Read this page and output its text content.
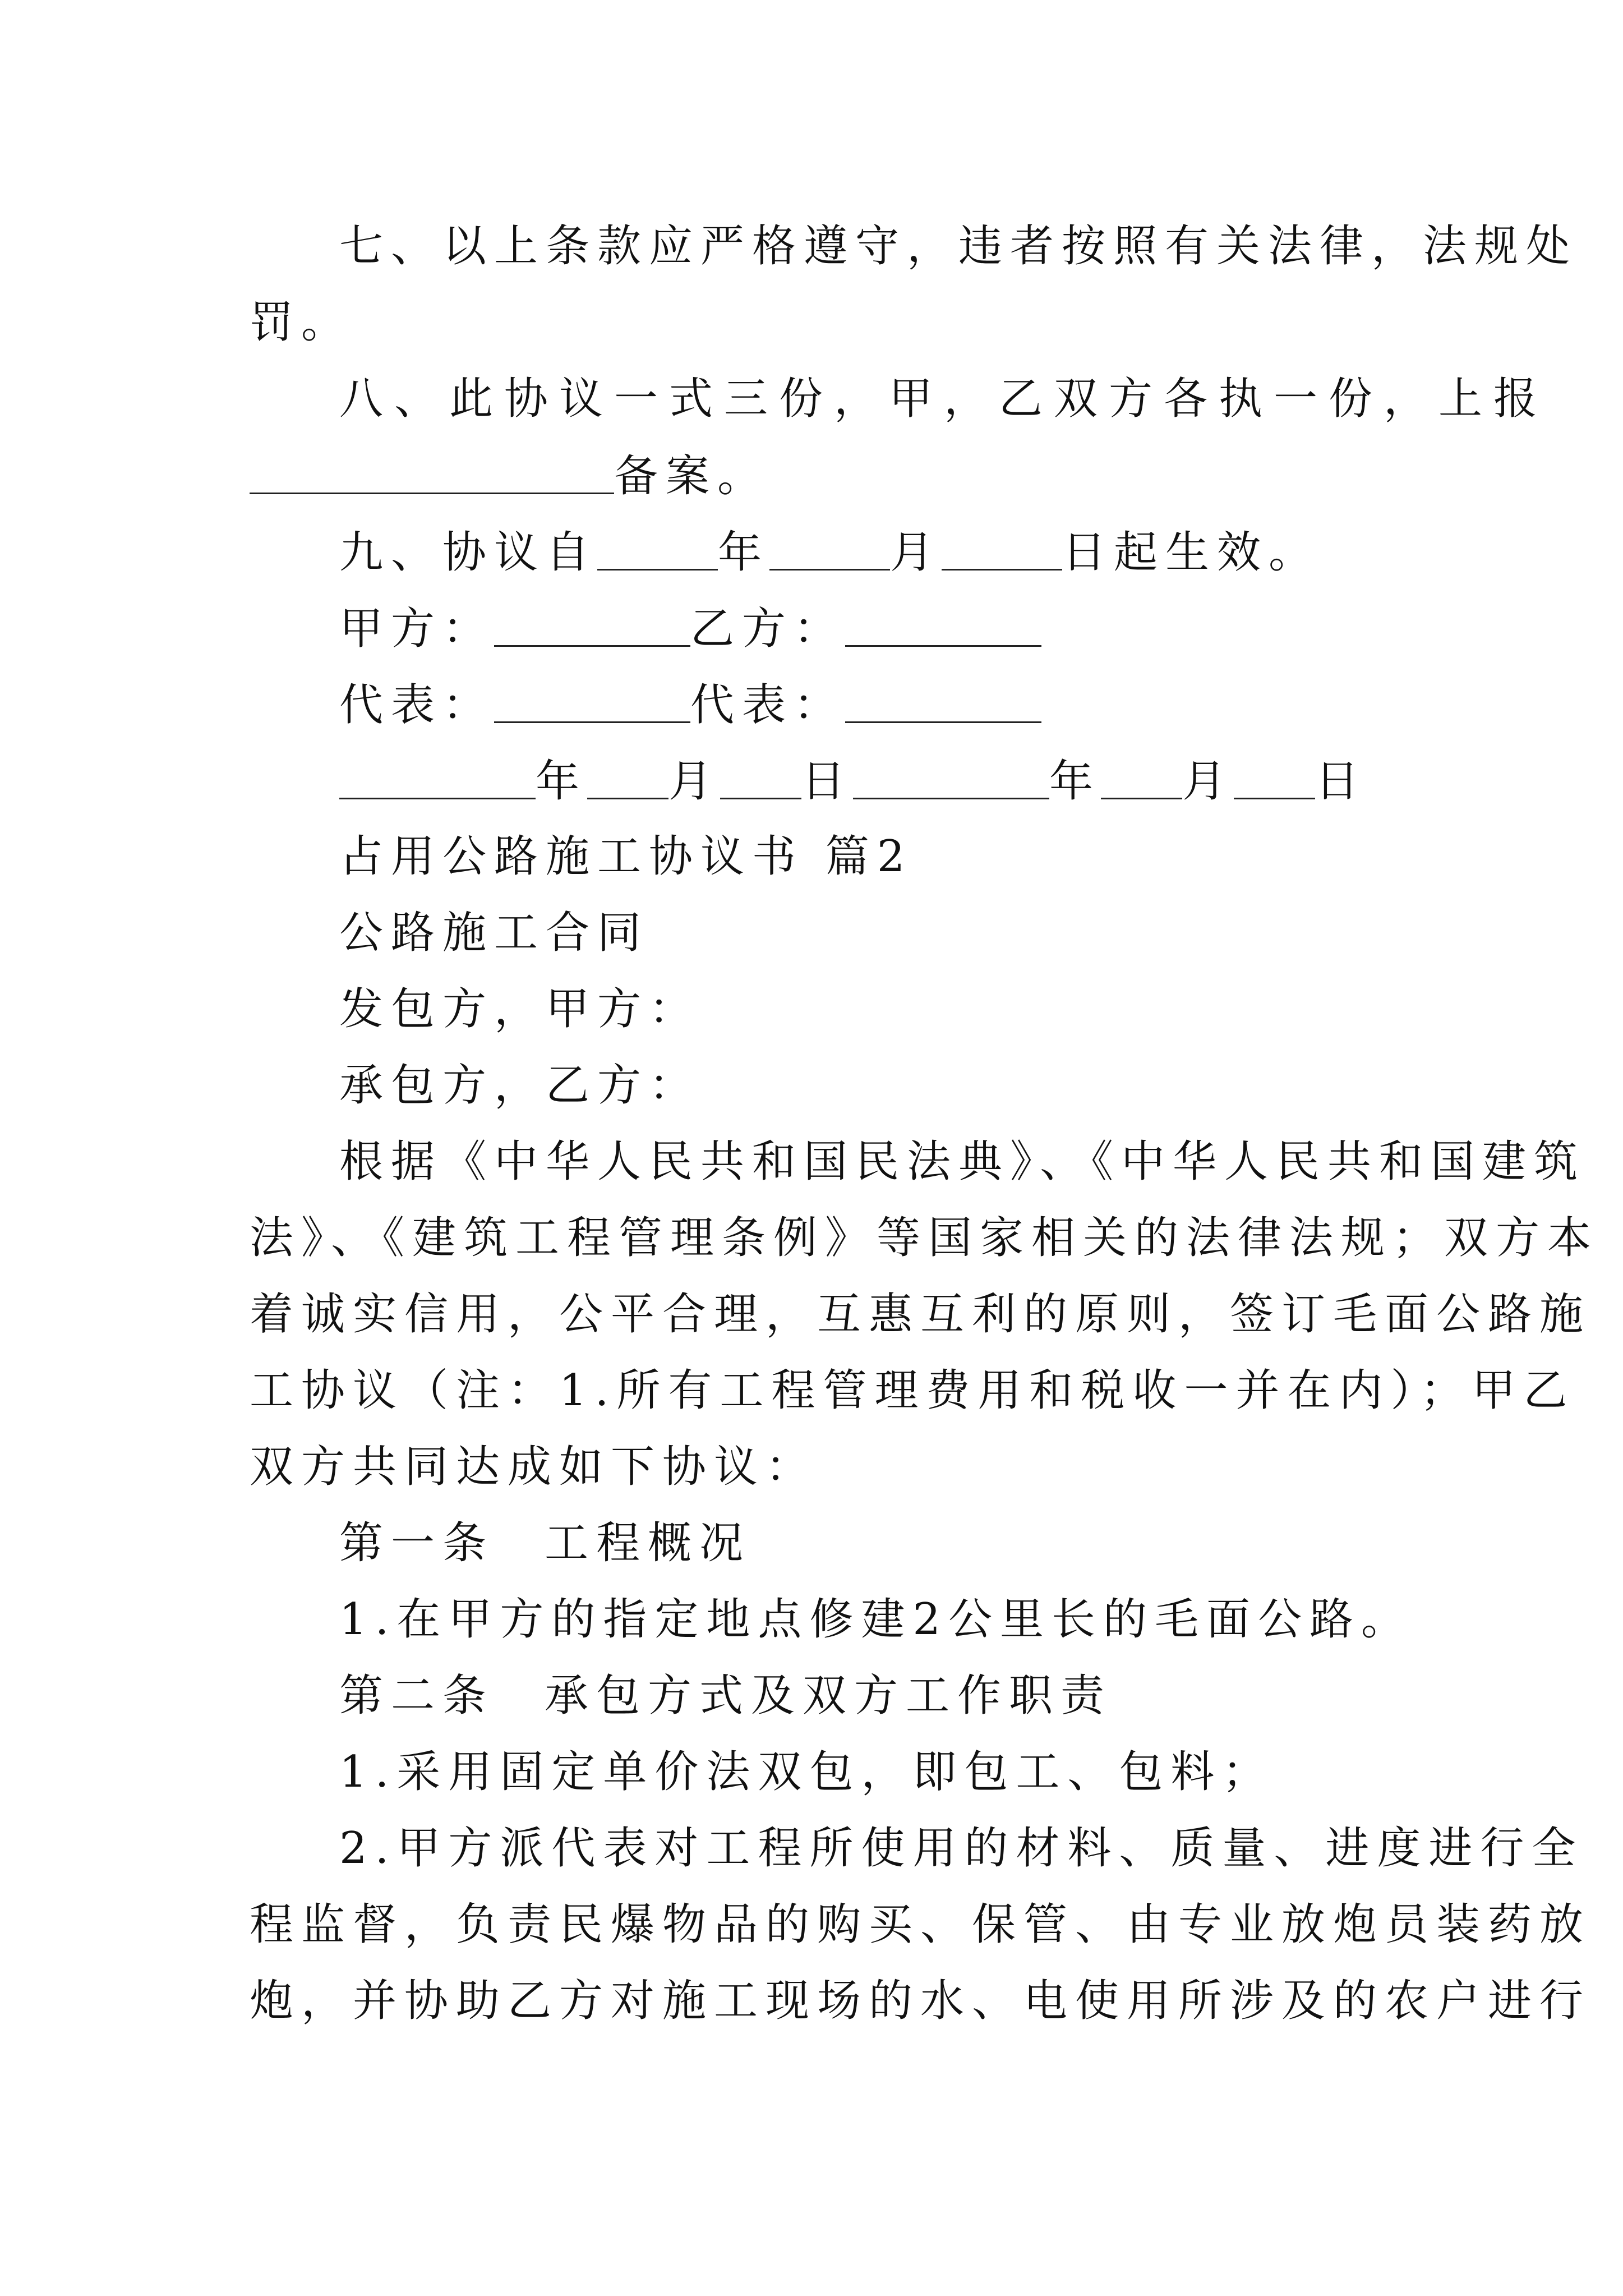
七、以上条款应严格遵守，违者按照有关法律，法规处
罚。
八、此协议一式三份，甲，乙双方各执一份，上报
备案。
九、协议自	年	月	日起生效。
甲方：	乙方：
代表：	代表：
年 月 日	年 月 日
占用公路施工协议书 篇2
公路施工合同
发包方，甲方：
承包方，乙方：
根据《中华人民共和国民法典》、《中华人民共和国建筑
法》、《建筑工程管理条例》等国家相关的法律法规；双方本
着诚实信用，公平合理，互惠互利的原则，签订毛面公路施
工协议（注：1.所有工程管理费用和税收一并在内）；甲乙
双方共同达成如下协议：
第一条 工程概况
1.在甲方的指定地点修建2公里长的毛面公路。
第二条 承包方式及双方工作职责
1.采用固定单价法双包，即包工、包料；
2.甲方派代表对工程所使用的材料、质量、进度进行全
程监督，负责民爆物品的购买、保管、由专业放炮员装药放
炮，并协助乙方对施工现场的水、电使用所涉及的农户进行
